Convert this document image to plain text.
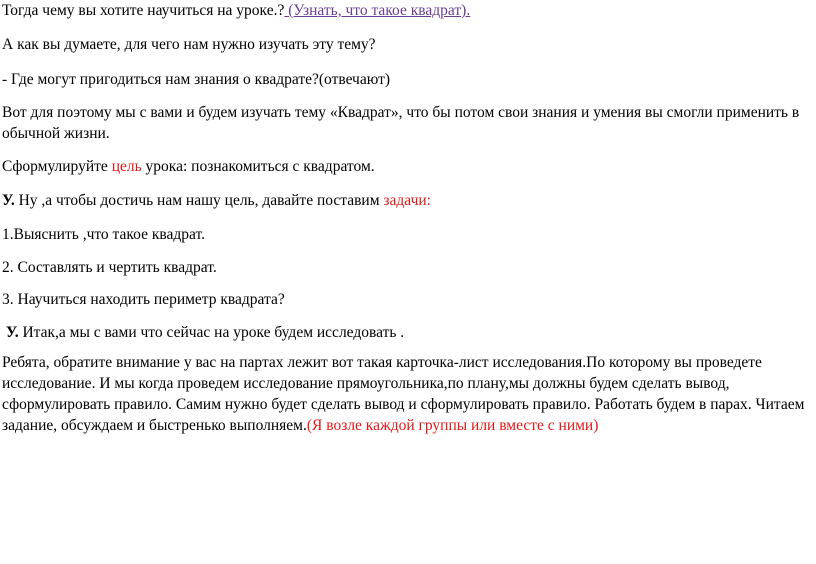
Тогда чему вы хотите научиться на уроке.? (Узнать, что такое квадрат).

А как вы думаете, для чего нам нужно изучать эту тему?

- Где могут пригодиться нам знания о квадрате?(отвечают)

Вот для поэтому мы с вами и будем изучать тему «Квадрат», что бы потом свои знания и умения вы смогли применить в обычной жизни.

Сформулируйте цель урока: познакомиться с квадратом.

У. Ну ,а чтобы достичь нам нашу цель, давайте поставим задачи:

1.Выяснить ,что такое квадрат.

2. Составлять и чертить квадрат.

3. Научиться находить периметр квадрата?

У. Итак,а мы с вами что сейчас на уроке будем исследовать .

Ребята, обратите внимание у вас на партах лежит вот такая карточка-лист исследования.По которому вы проведете исследование. И мы когда проведем исследование прямоугольника,по плану,мы должны будем сделать вывод, сформулировать правило. Самим нужно будет сделать вывод и сформулировать правило. Работать будем в парах. Читаем задание, обсуждаем и быстренько выполняем.(Я возле каждой группы или вместе с ними)
